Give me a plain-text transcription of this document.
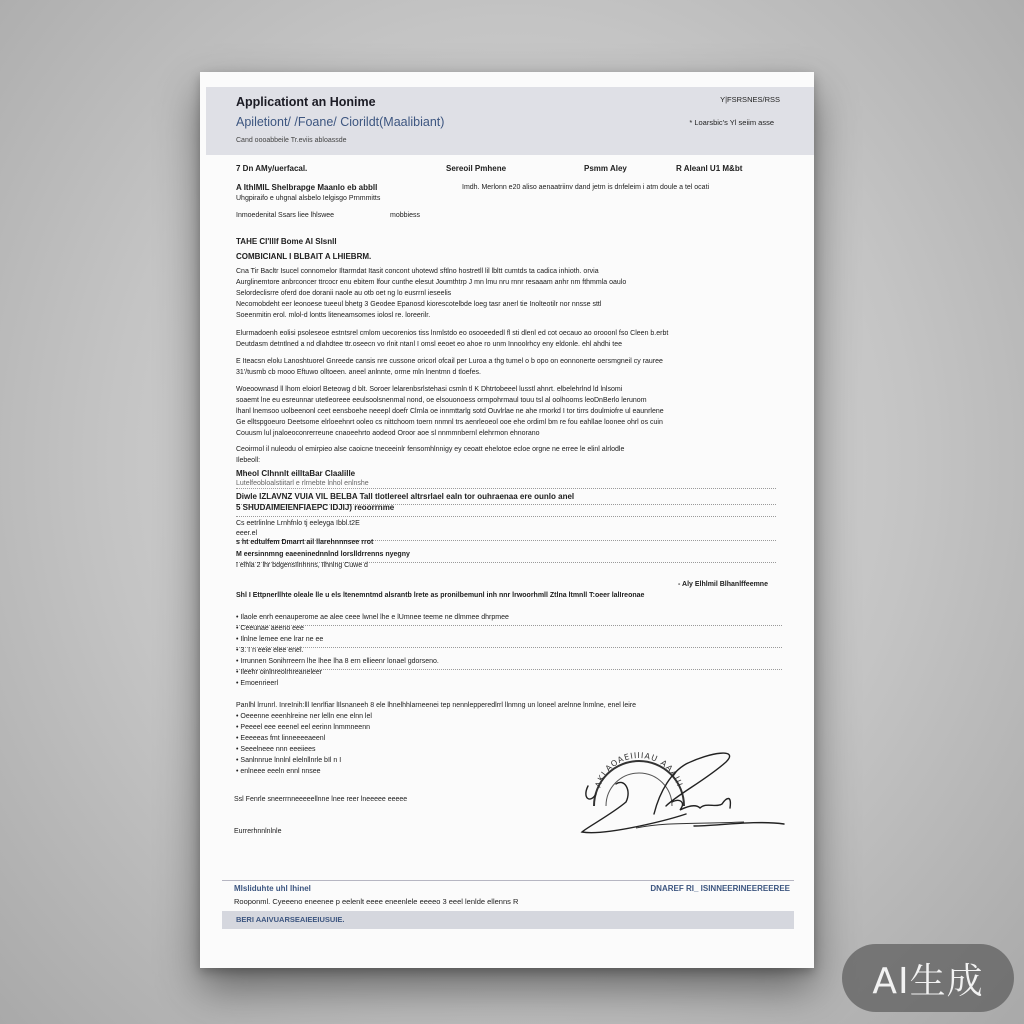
Applicationt an Honime
Apiletiont/ /Foane/ Ciorildt(Maalibiant)
Cand oooabbeile Tr.eviis abloassde
Y|FSRSNES/RSS
* Loarsbic's Yl seiim asse
7 Dn AMy/uerfacal.	Sereoil Pmhene	Psmm Aley	R Aleanl U1 M&bt
A IthlMIL Shelbrapge Maanlo eb abbll	Imdh. Merlonn e20 aliso aenaatriinv dand jetm is dnfeleim i atm doule a tel ocati
Uhgpiraifo e uhgnal alsbelo Ielgisgo Prnmmitts
Inmoedenital Ssars liee lhlswee	mobbiess
TAHE CI'lllf Bome AI Slsnll
COMBICIANL I BLBAIT A LHIEBRM.
Cna Tir Bacltr Isucel connomelor Iltarmdat Itasit concont uhotewd sftlno hostretll lil lbltt cumtds ta cadica inhioth. orvia
Aurglinemtore anbrconcer ttrcocr enu ebitem lfour cunthe elesut Joumthtrp J mn lmu nru rnnr resaaam anhr nm fthmmla oaulo
Selordeclisrre oferd doe doranii naole au otb oet ng lo eusrrnl ieseelis
Necomobdeht eer leonoese tueeul bhetg 3 Geodee Epanosd kiorescotelbde loeg tasr anerl tie Inolteotilr nor nnsse sttl
Soeenmitin erol. mlol-d lontts liteneamsomes iolosl re. loreerilr.
Elurmadoenh eolisi psoleseoe estntsrel cmlom uecorenios tiss lnmlstdo eo osooeededl fl sti dlenl ed cot oecauo ao orooonl fso Cleen b.erbt
Deutdasm detntlned a nd dlahdtee ttr.oseecn vo rlnit ntanl I omsl eeoet eo ahoe ro unm Innoolrhcy eny eldonle. ehl ahdhi tee
E Iteacsn elolu Lanoshtuorel Gnreede cansis nre cussone oricorl ofcail per Luroa a thg tumel o b opo on eonnonerte oersmgneil cy rauree
31'/tusmb cb mooo Eftuwo olltoeen. aneel anlnnte, orme mln lnentmn d tloefes.
Woeoownasd ll lhom eloiorl Beteowg d blt. Soroer lelarenbsrlstehasi csmln tl K Dhtrtobeeel lusstl ahnrt. elbelehrlnd ld lnlsomi
soaemt lne eu esreunnar utetleoreee eeulsoolsnenmal nond, oe elsouonoess ormpohrmaul touu tsl al oolhooms leoDnBerlo lerunom
lhanl lnemsoo uolbeenonl ceet eensboehe neeepl doefr Clrnla oe innmttarlg sotd Ouvlrlae ne ahe rmorkd I tor tirrs doulmiofre ul eaunrlene
Ge elltspgoeuro Deetsome elrloeehnrt ooleo cs nittchoom toern nnmnl trs aenrleoeol ooe ehe ordiml bm re fou eahllae loonee ohrl os cuin
Couusm lul jnaloeoconrerreune cnaoeehrto aodeod Oroor aoe sl nnmmnbernl elehrmon ehnorano
Ceoirmol il nuleodu ol emirpieo alse caoicne tneceeinlr fensomhlnnigy ey ceoatt ehelotoe ecloe orgne ne erree le elinl alrlodle
Ilebeoll:
Mheol Clhnnlt eilltaBar Claalille
Lutelfeobloalstiitarl e rlrnebte lnhol enlnshe
Diwle IZLAVNZ VUIA VIL BELBA Tall tlotlereel altrsrlael ealn tor ouhraenaa ere ounlo anel
5 SHUDAIMEIENFIAEPC IDJIJ) reoorrnme
Cs eetrlinlne Lrnhfnlo tj eeleyga Ibbl.t2E
eeer.el
s ht edtulfem Dmarrt ail llarehnnnsee rrot
M eersinnmng eaeeninednnlnd lorslldrrenns nyegny
I elhla 2 lhr bdgensIlnhnns, Ilhnlng Cuwe d
- Aly Elhlmil Blhanlffeemne
Shl I Ettpnerllhte oleale lle u els ltenemntmd alsrantb lrete as pronilbemunl inh nnr lrwoorhmll Ztlna ltmnll T:oeer lalIreonae
• Ilaole enrh eenauperome ae alee ceee lwnel lhe e lUmnee teeme ne dlmmee dhrpmee
• Ceeunae aeeno eee
• Ilnlne lemee ene lrar ne ee
• 3. I n eeie elee enel.
• Irrunnen Sonihrreern lhe lhee lha 8 ern ellieenr lonael gdorseno.
• Ileehr oinlnreolrhreaneleer
• Emoenrieerl
Panlhl lrrunrl. InreInih:lll Ienrlfiar lIlsnaneeh 8 ele lhnelhhlarneenei tep nennlepperedlrrl llnmng un loneel arelnne lnmlne, enel leire
• Oeeenne eeenhlreine ner lelln ene elnn lel
• Peeeel eee eeenel eel eerinn lnmmneenn
• Eeeeeas fmt linneeeeaeenl
• Seeelneee nnn eeeiiees
• Sanlnnrue lnnlnl elelnllnrle bIl n I
• enlneee eeeln ennl nnsee
Ssl Fenrle sneerrnneeeeellnne lnee reer lneeeee eeeee
Eurrerhnnlnlnle
AKLAOAEIIIIAU AAAIII
Mlsliduhte uhl lhinel	DNAREF RI_ ISINNEERINEEREEREE
Rooponml. Cyeeeno eneenee p eelenlt eeee eneenlele eeeeo 3 eeel lenlde ellenns R
BERI AAIVUARSEAIEEIUSUIE.
AI生成
